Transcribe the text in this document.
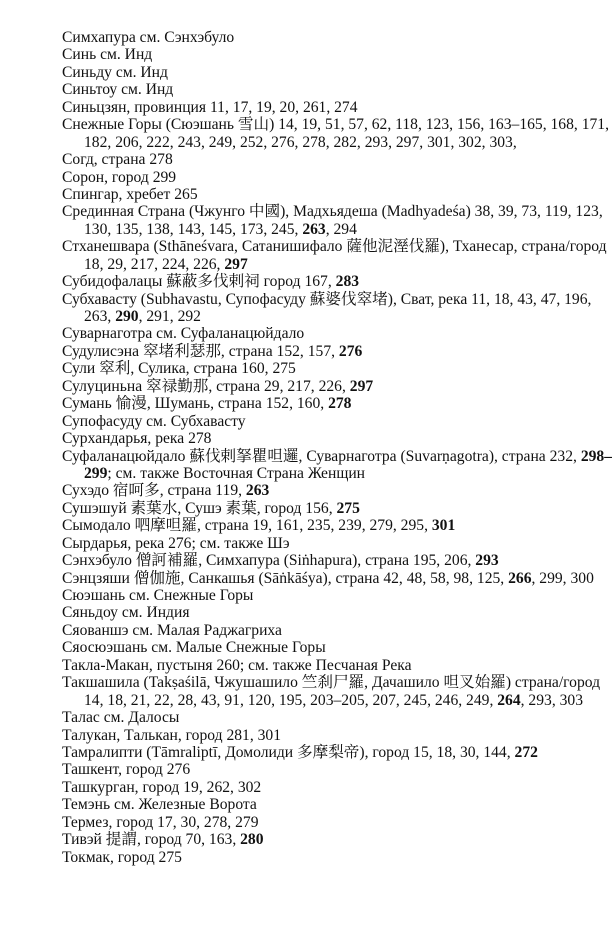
Симхапура см. Сэнхэбуло
Синь см. Инд
Синьду см. Инд
Синьтоу см. Инд
Синьцзян, провинция 11, 17, 19, 20, 261, 274
Снежные Горы (Сюэшань 雪山) 14, 19, 51, 57, 62, 118, 123, 156, 163–165, 168, 171,
182, 206, 222, 243, 249, 252, 276, 278, 282, 293, 297, 301, 302, 303,
Согд, страна 278
Сорон, город 299
Спингар, хребет 265
Срединная Страна (Чжунго 中國), Мадхьядеша (Madhyadeśa) 38, 39, 73, 119, 123,
130, 135, 138, 143, 145, 173, 245, 263, 294
Стханешвара (Sthāneśvara, Сатанишифало 薩他泥溼伐羅), Тханесар, страна/город
18, 29, 217, 224, 226, 297
Субидофалацы 蘇蔽多伐剌祠 город 167, 283
Субхавасту (Subhavastu, Супофасуду 蘇婆伐窣堵), Сват, река 11, 18, 43, 47, 196,
263, 290, 291, 292
Суварнаготра см. Суфаланацюйдало
Судулисэна 窣堵利瑟那, страна 152, 157, 276
Сули 窣利, Сулика, страна 160, 275
Сулуциньна 窣禄勤那, страна 29, 217, 226, 297
Сумань 愉漫, Шумань, страна 152, 160, 278
Супофасуду см. Субхавасту
Сурхандарья, река 278
Суфаланацюйдало 蘇伐剌拏瞿呾邏, Суварнаготра (Suvarṇagotra), страна 232, 298–
299; см. также Восточная Страна Женщин
Сухэдо 宿呵多, страна 119, 263
Сушэшуй 素葉水, Сушэ 素葉, город 156, 275
Сымодало 呬摩呾羅, страна 19, 161, 235, 239, 279, 295, 301
Сырдарья, река 276; см. также Шэ
Сэнхэбуло 僧訶補羅, Симхапура (Siṅhapura), страна 195, 206, 293
Сэнцзяши 僧伽施, Санкашья (Sāṅkāśya), страна 42, 48, 58, 98, 125, 266, 299, 300
Сюэшань см. Снежные Горы
Сяньдоу см. Индия
Сяованшэ см. Малая Раджагриха
Сяосюэшань см. Малые Снежные Горы
Такла-Макан, пустыня 260; см. также Песчаная Река
Такшашила (Takṣaśilā, Чжушашило 竺刹尸羅, Дачашило 呾叉始羅) страна/город
14, 18, 21, 22, 28, 43, 91, 120, 195, 203–205, 207, 245, 246, 249, 264, 293, 303
Талас см. Далосы
Талукан, Талькан, город 281, 301
Тамралипти (Tāmraliptī, Домолиди 多摩梨帝), город 15, 18, 30, 144, 272
Ташкент, город 276
Ташкурган, город 19, 262, 302
Темэнь см. Железные Ворота
Термез, город 17, 30, 278, 279
Тивэй 提謂, город 70, 163, 280
Токмак, город 275
